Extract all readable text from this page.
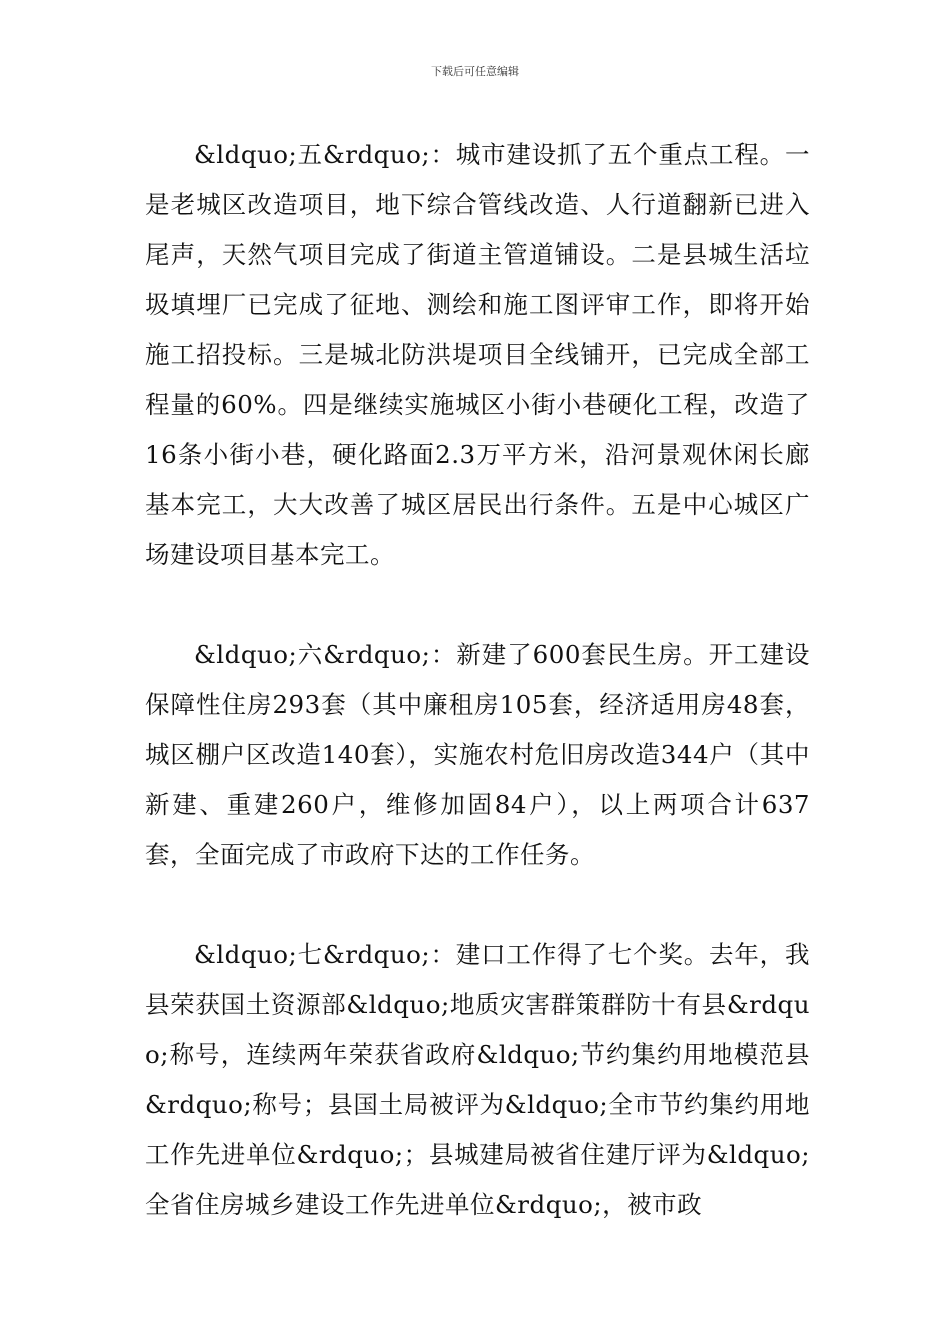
下载后可任意编辑

&ldquo;五&rdquo;：城市建设抓了五个重点工程。一是老城区改造项目，地下综合管线改造、人行道翻新已进入尾声，天然气项目完成了街道主管道铺设。二是县城生活垃圾填埋厂已完成了征地、测绘和施工图评审工作，即将开始施工招投标。三是城北防洪堤项目全线铺开，已完成全部工程量的60%。四是继续实施城区小街小巷硬化工程，改造了16条小街小巷，硬化路面2.3万平方米，沿河景观休闲长廊基本完工，大大改善了城区居民出行条件。五是中心城区广场建设项目基本完工。

&ldquo;六&rdquo;：新建了600套民生房。开工建设保障性住房293套（其中廉租房105套，经济适用房48套，城区棚户区改造140套），实施农村危旧房改造344户（其中新建、重建260户，维修加固84户），以上两项合计637套，全面完成了市政府下达的工作任务。

&ldquo;七&rdquo;：建口工作得了七个奖。去年，我县荣获国土资源部&ldquo;地质灾害群策群防十有县&rdquo;称号，连续两年荣获省政府&ldquo;节约集约用地模范县&rdquo;称号；县国土局被评为&ldquo;全市节约集约用地工作先进单位&rdquo;；县城建局被省住建厅评为&ldquo;全省住房城乡建设工作先进单位&rdquo;，被市政
